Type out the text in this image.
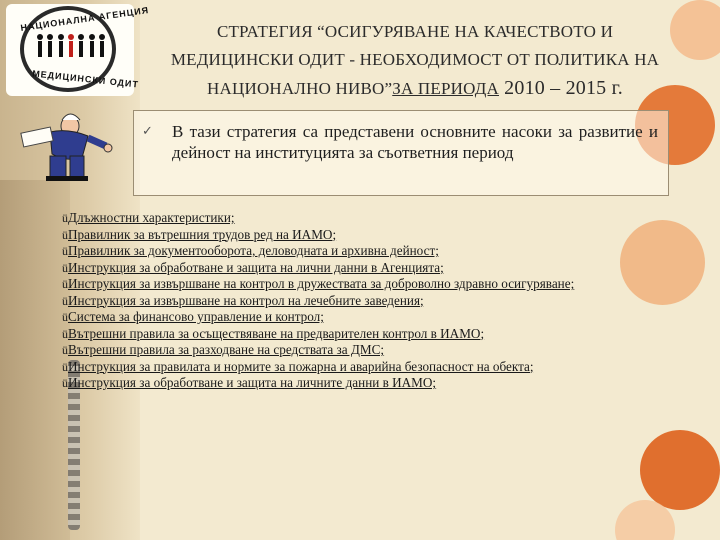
НАЦИОНАЛНА АГЕНЦИЯ
МЕДИЦИНСКИ ОДИТ
СТРАТЕГИЯ “ОСИГУРЯВАНЕ НА КАЧЕСТВОТО И
МЕДИЦИНСКИ ОДИТ - НЕОБХОДИМОСТ ОТ ПОЛИТИКА НА
НАЦИОНАЛНО НИВО”ЗА ПЕРИОДА 2010 – 2015 г.
✓ В тази стратегия са представени основните насоки за развитие и дейност на институцията за съответния период
üДлъжностни характеристики;
üПравилник за вътрешния трудов ред на ИАМО;
üПравилник за документооборота, деловодната и архивна дейност;
üИнструкция за обработване и защита на лични данни в Агенцията;
üИнструкция за извършване на контрол в дружествата за доброволно здравно осигуряване;
üИнструкция за извършване на контрол на лечебните заведения;
üСистема за финансово управление и контрол;
üВътрешни правила за осъществяване на предварителен контрол в ИАМО;
üВътрешни правила за разходване на средствата за ДМС;
üИнструкция за правилата и нормите за пожарна и аварийна безопасност на обекта;
üИнструкция за обработване и защита на личните данни в ИАМО;
